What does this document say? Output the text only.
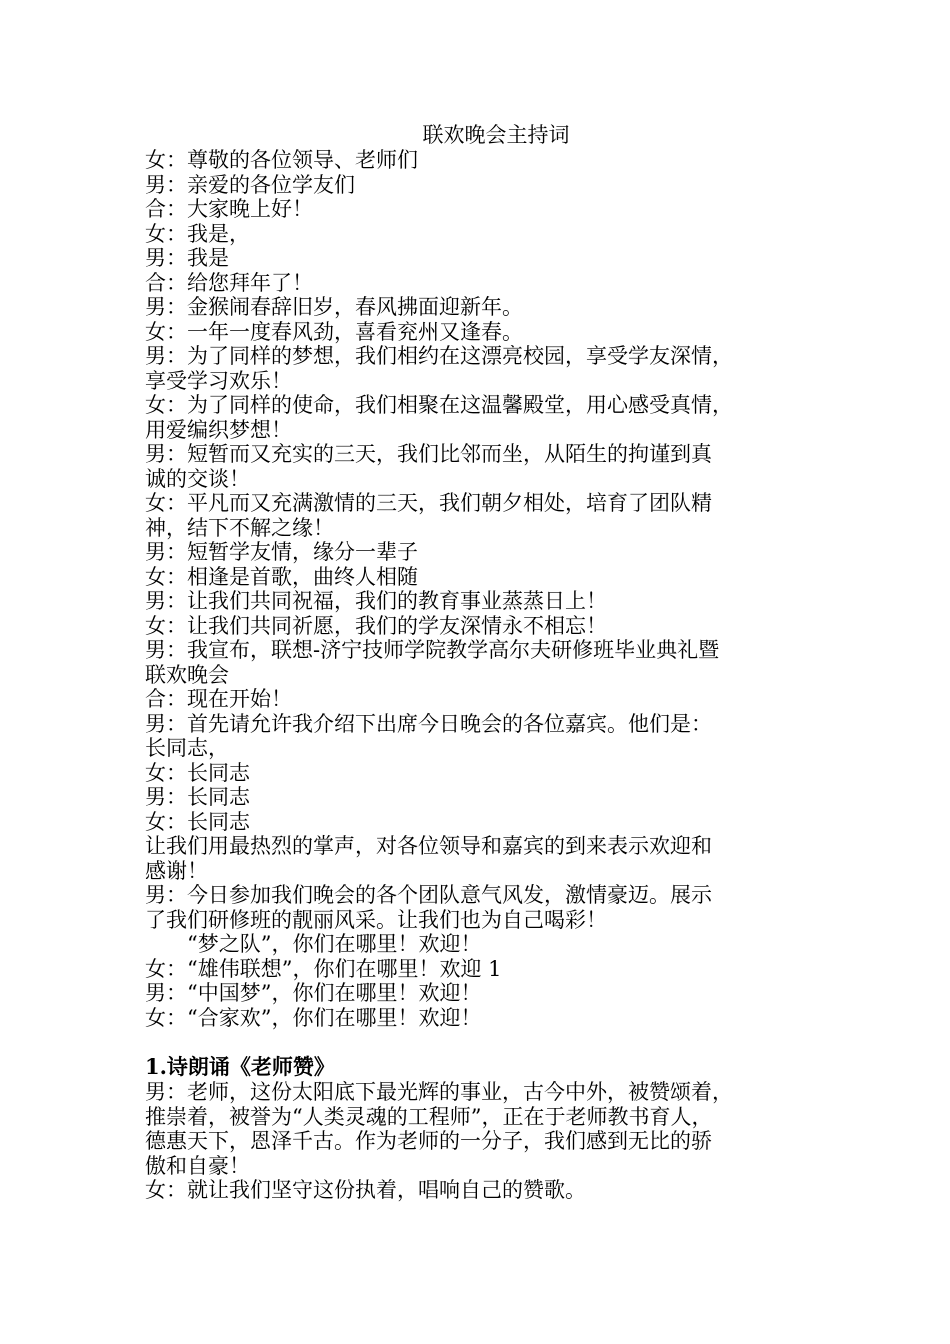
联欢晚会主持词
女：尊敬的各位领导、老师们
男：亲爱的各位学友们
合：大家晚上好！
女：我是，
男：我是
合：给您拜年了！
男：金猴闹春辞旧岁，春风拂面迎新年。
女：一年一度春风劲，喜看兖州又逢春。
男：为了同样的梦想，我们相约在这漂亮校园，享受学友深情，
享受学习欢乐！
女：为了同样的使命，我们相聚在这温馨殿堂，用心感受真情，
用爱编织梦想！
男：短暂而又充实的三天，我们比邻而坐，从陌生的拘谨到真
诚的交谈！
女：平凡而又充满激情的三天，我们朝夕相处，培育了团队精
神，结下不解之缘！
男：短暂学友情，缘分一辈子
女：相逢是首歌，曲终人相随
男：让我们共同祝福，我们的教育事业蒸蒸日上！
女：让我们共同祈愿，我们的学友深情永不相忘！
男：我宣布，联想-济宁技师学院教学高尔夫研修班毕业典礼暨
联欢晚会
合：现在开始！
男：首先请允许我介绍下出席今日晚会的各位嘉宾。他们是：
长同志，
女：长同志
男：长同志
女：长同志
让我们用最热烈的掌声，对各位领导和嘉宾的到来表示欢迎和
感谢！
男：今日参加我们晚会的各个团队意气风发，激情豪迈。展示
了我们研修班的靓丽风采。让我们也为自己喝彩！
“梦之队”，你们在哪里！欢迎！
女：“雄伟联想”，你们在哪里！欢迎 1
男：“中国梦”，你们在哪里！欢迎！
女：“合家欢”，你们在哪里！欢迎！
1.诗朗诵《老师赞》
男：老师，这份太阳底下最光辉的事业，古今中外，被赞颂着，
推崇着，被誉为“人类灵魂的工程师”，正在于老师教书育人，
德惠天下，恩泽千古。作为老师的一分子，我们感到无比的骄
傲和自豪！
女：就让我们坚守这份执着，唱响自己的赞歌。
